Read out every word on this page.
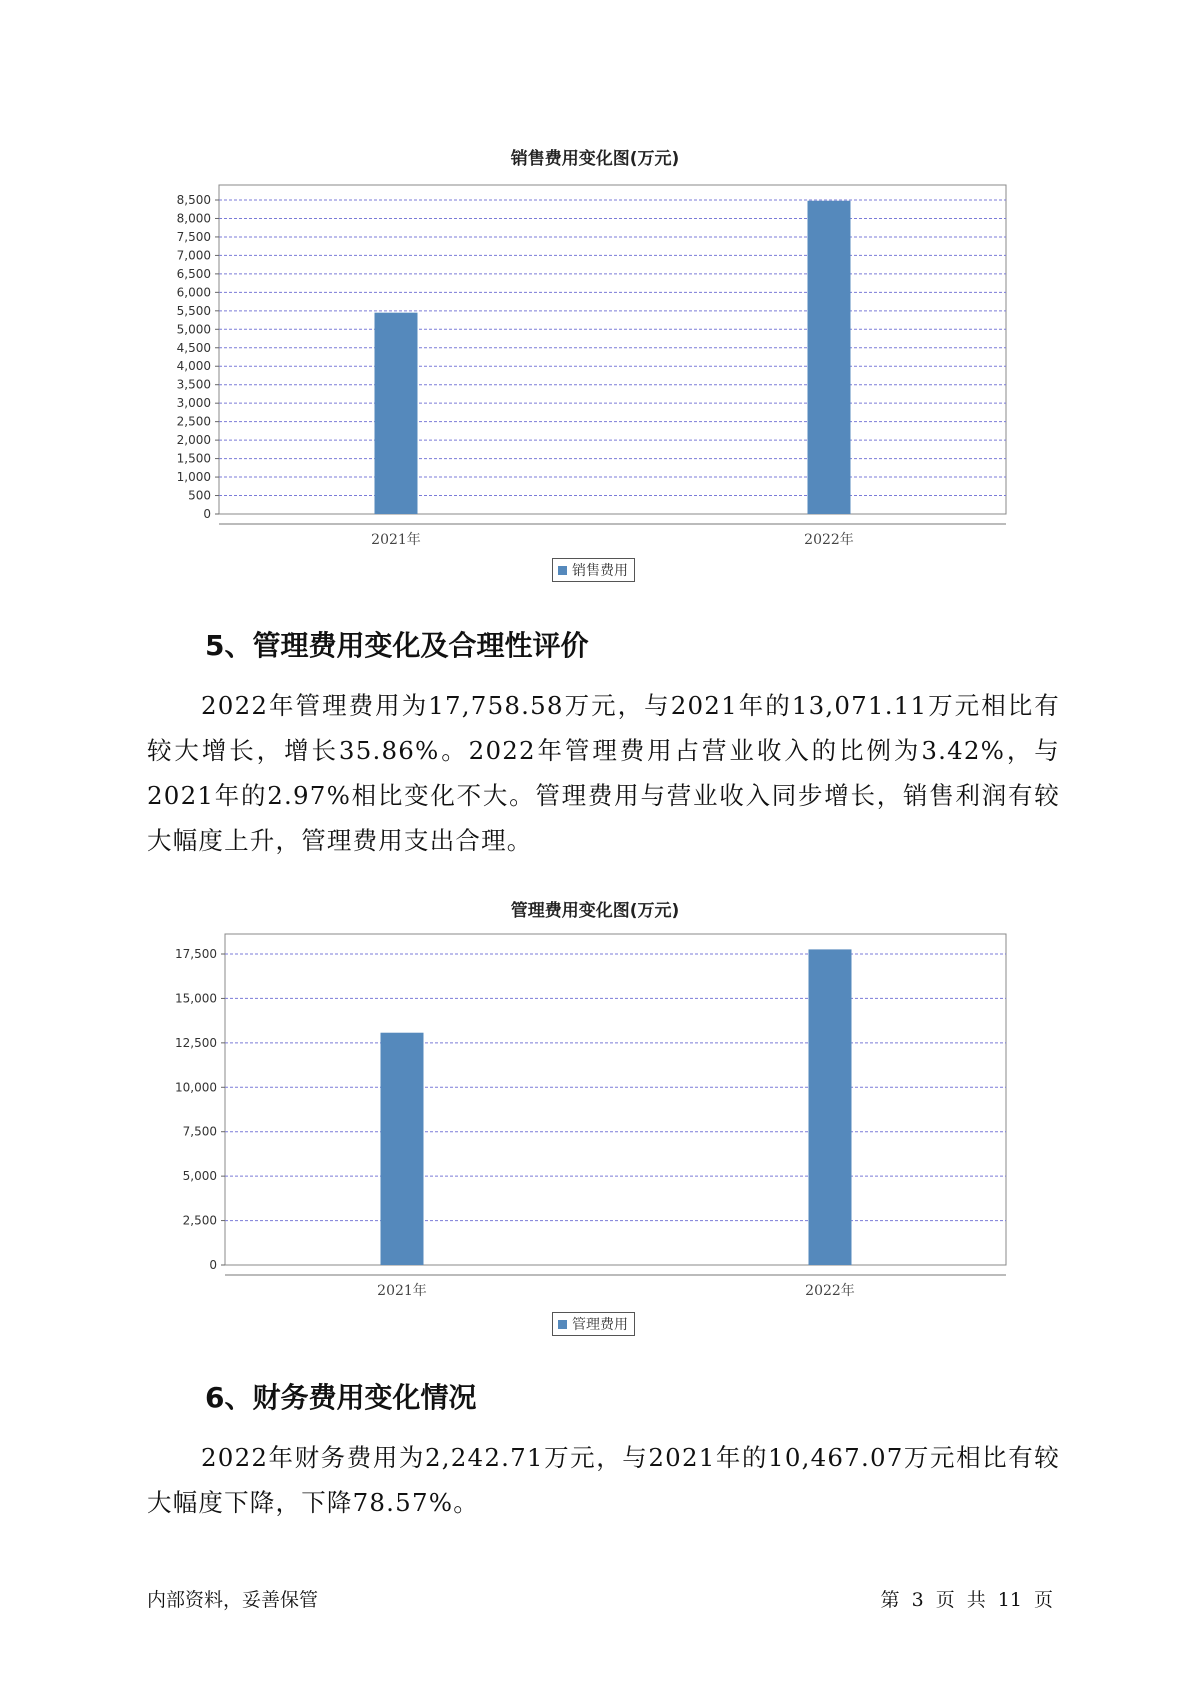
销售费用变化图(万元)
0
500
1,000
1,500
2,000
2,500
3,000
3,500
4,000
4,500
5,000
5,500
6,000
6,500
7,000
7,500
8,000
8,500
2021年	2022年
销售费用
5、管理费用变化及合理性评价

2022年管理费用为17,758.58万元，与2021年的13,071.11万元相比有较大增长，增长35.86%。2022年管理费用占营业收入的比例为3.42%，与2021年的2.97%相比变化不大。管理费用与营业收入同步增长，销售利润有较大幅度上升，管理费用支出合理。

管理费用变化图(万元)
0
2,500
5,000
7,500
10,000
12,500
15,000
17,500
2021年	2022年
管理费用
6、财务费用变化情况

2022年财务费用为2,242.71万元，与2021年的10,467.07万元相比有较大幅度下降，下降78.57%。

内部资料，妥善保管	第 3 页 共 11 页
